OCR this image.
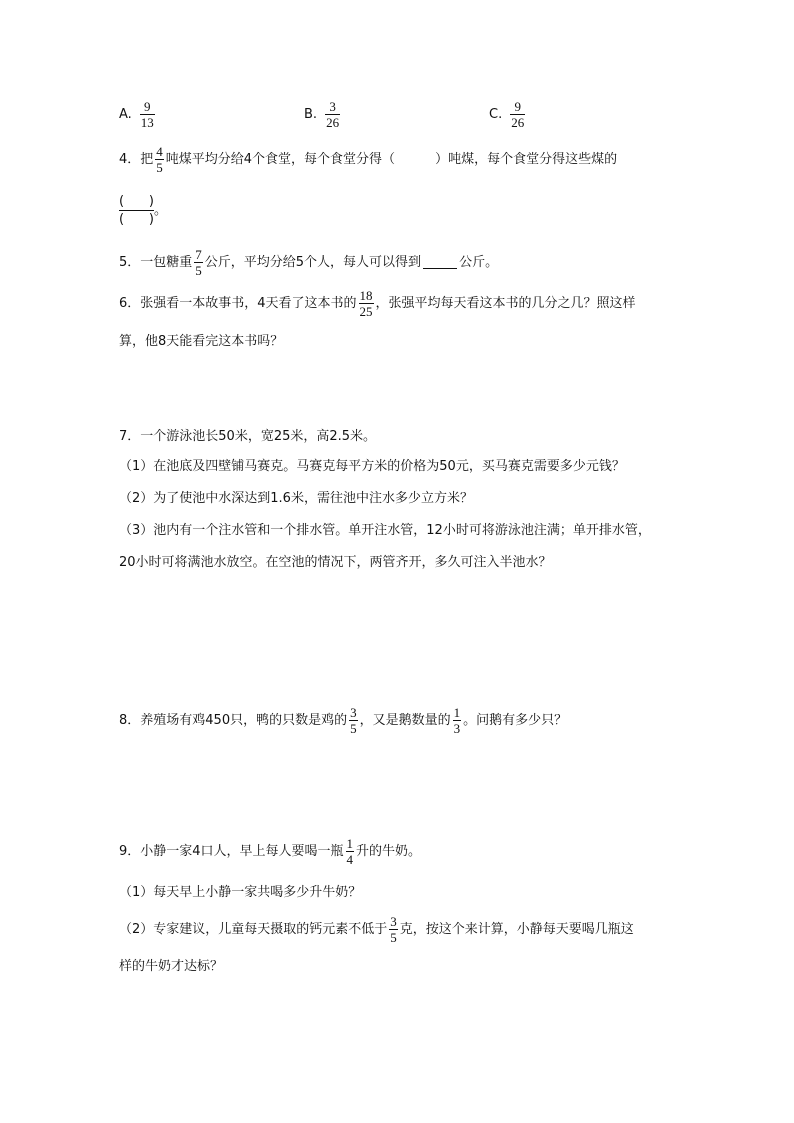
A. $\frac{9}{13}$	B. $\frac{3}{26}$	C. $\frac{9}{26}$
4．把 $\frac{4}{5}$ 吨煤平均分给4个食堂，每个食堂分得（	）吨煤，每个食堂分得这些煤的
$\frac{( )}{( )}$ 。
5．一包糖重 $\frac{7}{5}$ 公斤，平均分给5个人，每人可以得到	公斤。
6．张强看一本故事书，4天看了这本书的 $\frac{18}{25}$ ，张强平均每天看这本书的几分之几？照这样
算，他8天能看完这本书吗？
7．一个游泳池长50米，宽25米，高2.5米。
（1）在池底及四壁铺马赛克。马赛克每平方米的价格为50元，买马赛克需要多少元钱？
（2）为了使池中水深达到1.6米，需往池中注水多少立方米？
（3）池内有一个注水管和一个排水管。单开注水管，12小时可将游泳池注满；单开排水管，
20小时可将满池水放空。在空池的情况下，两管齐开，多久可注入半池水？
8．养殖场有鸡450只，鸭的只数是鸡的 $\frac{3}{5}$ ，又是鹅数量的 $\frac{1}{3}$ 。问鹅有多少只？
9．小静一家4口人，早上每人要喝一瓶 $\frac{1}{4}$ 升的牛奶。
（1）每天早上小静一家共喝多少升牛奶？
（2）专家建议，儿童每天摄取的钙元素不低于 $\frac{3}{5}$ 克，按这个来计算，小静每天要喝几瓶这
样的牛奶才达标？
